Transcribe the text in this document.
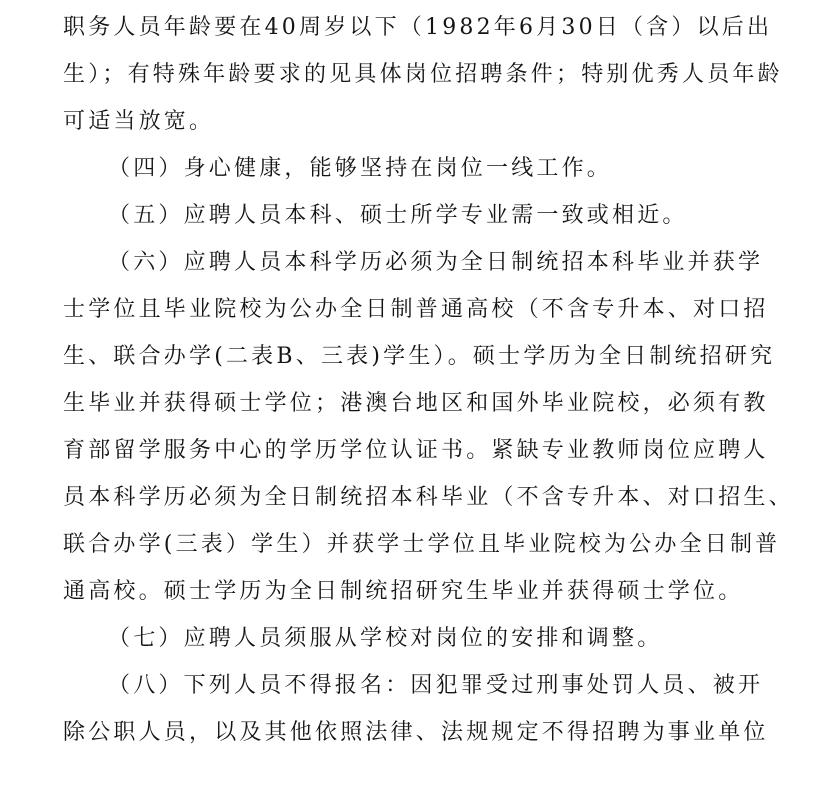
职务人员年龄要在40周岁以下（1982年6月30日（含）以后出
生）；有特殊年龄要求的见具体岗位招聘条件；特别优秀人员年龄
可适当放宽。
（四）身心健康，能够坚持在岗位一线工作。
（五）应聘人员本科、硕士所学专业需一致或相近。
（六）应聘人员本科学历必须为全日制统招本科毕业并获学
士学位且毕业院校为公办全日制普通高校（不含专升本、对口招
生、联合办学(二表B、三表)学生）。硕士学历为全日制统招研究
生毕业并获得硕士学位；港澳台地区和国外毕业院校，必须有教
育部留学服务中心的学历学位认证书。紧缺专业教师岗位应聘人
员本科学历必须为全日制统招本科毕业（不含专升本、对口招生、
联合办学(三表）学生）并获学士学位且毕业院校为公办全日制普
通高校。硕士学历为全日制统招研究生毕业并获得硕士学位。
（七）应聘人员须服从学校对岗位的安排和调整。
（八）下列人员不得报名：因犯罪受过刑事处罚人员、被开
除公职人员，以及其他依照法律、法规规定不得招聘为事业单位
